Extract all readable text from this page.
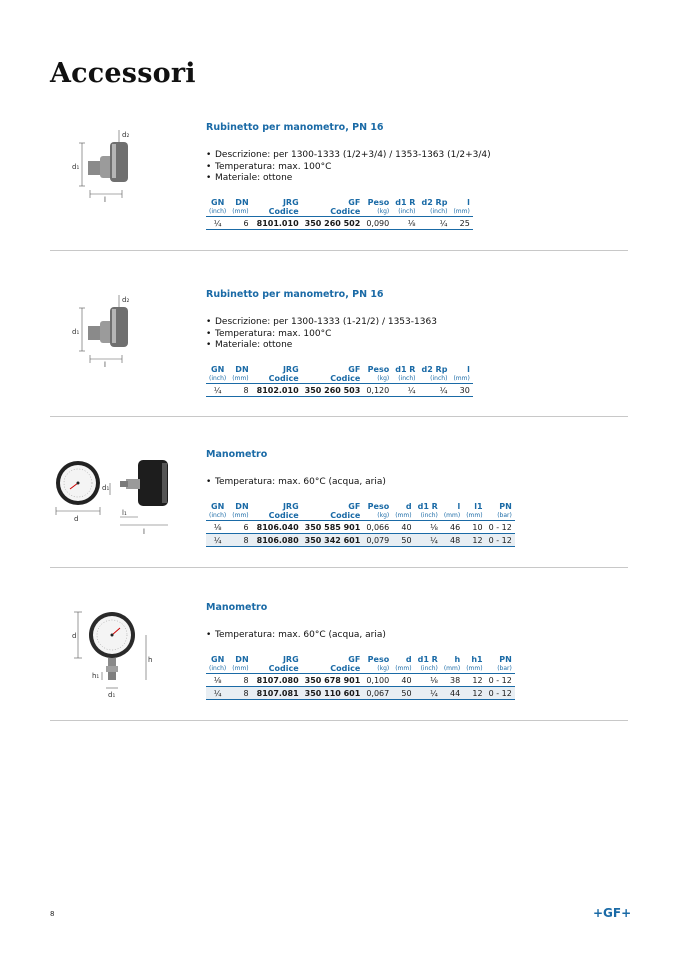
Accessori
d₁
d₂
l
Rubinetto per manometro, PN 16
• Descrizione: per 1300-1333 (1/2+3/4) / 1353-1363 (1/2+3/4)
• Temperatura: max. 100°C
• Materiale: ottone
GN	DN	JRG	GF	Peso	d1 R	d2 Rp	l
(inch)	(mm)	Codice	Codice	(kg)	(inch)	(inch)	(mm)
¼	6	8101.010	350 260 502	0,090	⅛	¼	25
d₁
d₂
l
Rubinetto per manometro, PN 16
• Descrizione: per 1300-1333 (1-21/2) / 1353-1363
• Temperatura: max. 100°C
• Materiale: ottone
GN	DN	JRG	GF	Peso	d1 R	d2 Rp	l
(inch)	(mm)	Codice	Codice	(kg)	(inch)	(inch)	(mm)
¼	8	8102.010	350 260 503	0,120	¼	¼	30
d
d₁
l₁
l
Manometro
• Temperatura: max. 60°C (acqua, aria)
GN	DN	JRG	GF	Peso	d	d1 R	l	l1	PN
(inch)	(mm)	Codice	Codice	(kg)	(mm)	(inch)	(mm)	(mm)	(bar)
⅛	6	8106.040	350 585 901	0,066	40	⅛	46	10	0 - 12
¼	8	8106.080	350 342 601	0,079	50	¼	48	12	0 - 12
d
h
h₁
d₁
Manometro
• Temperatura: max. 60°C (acqua, aria)
GN	DN	JRG	GF	Peso	d	d1 R	h	h1	PN
(inch)	(mm)	Codice	Codice	(kg)	(mm)	(inch)	(mm)	(mm)	(bar)
⅛	8	8107.080	350 678 901	0,100	40	⅛	38	12	0 - 12
¼	8	8107.081	350 110 601	0,067	50	¼	44	12	0 - 12
8	+GF+
